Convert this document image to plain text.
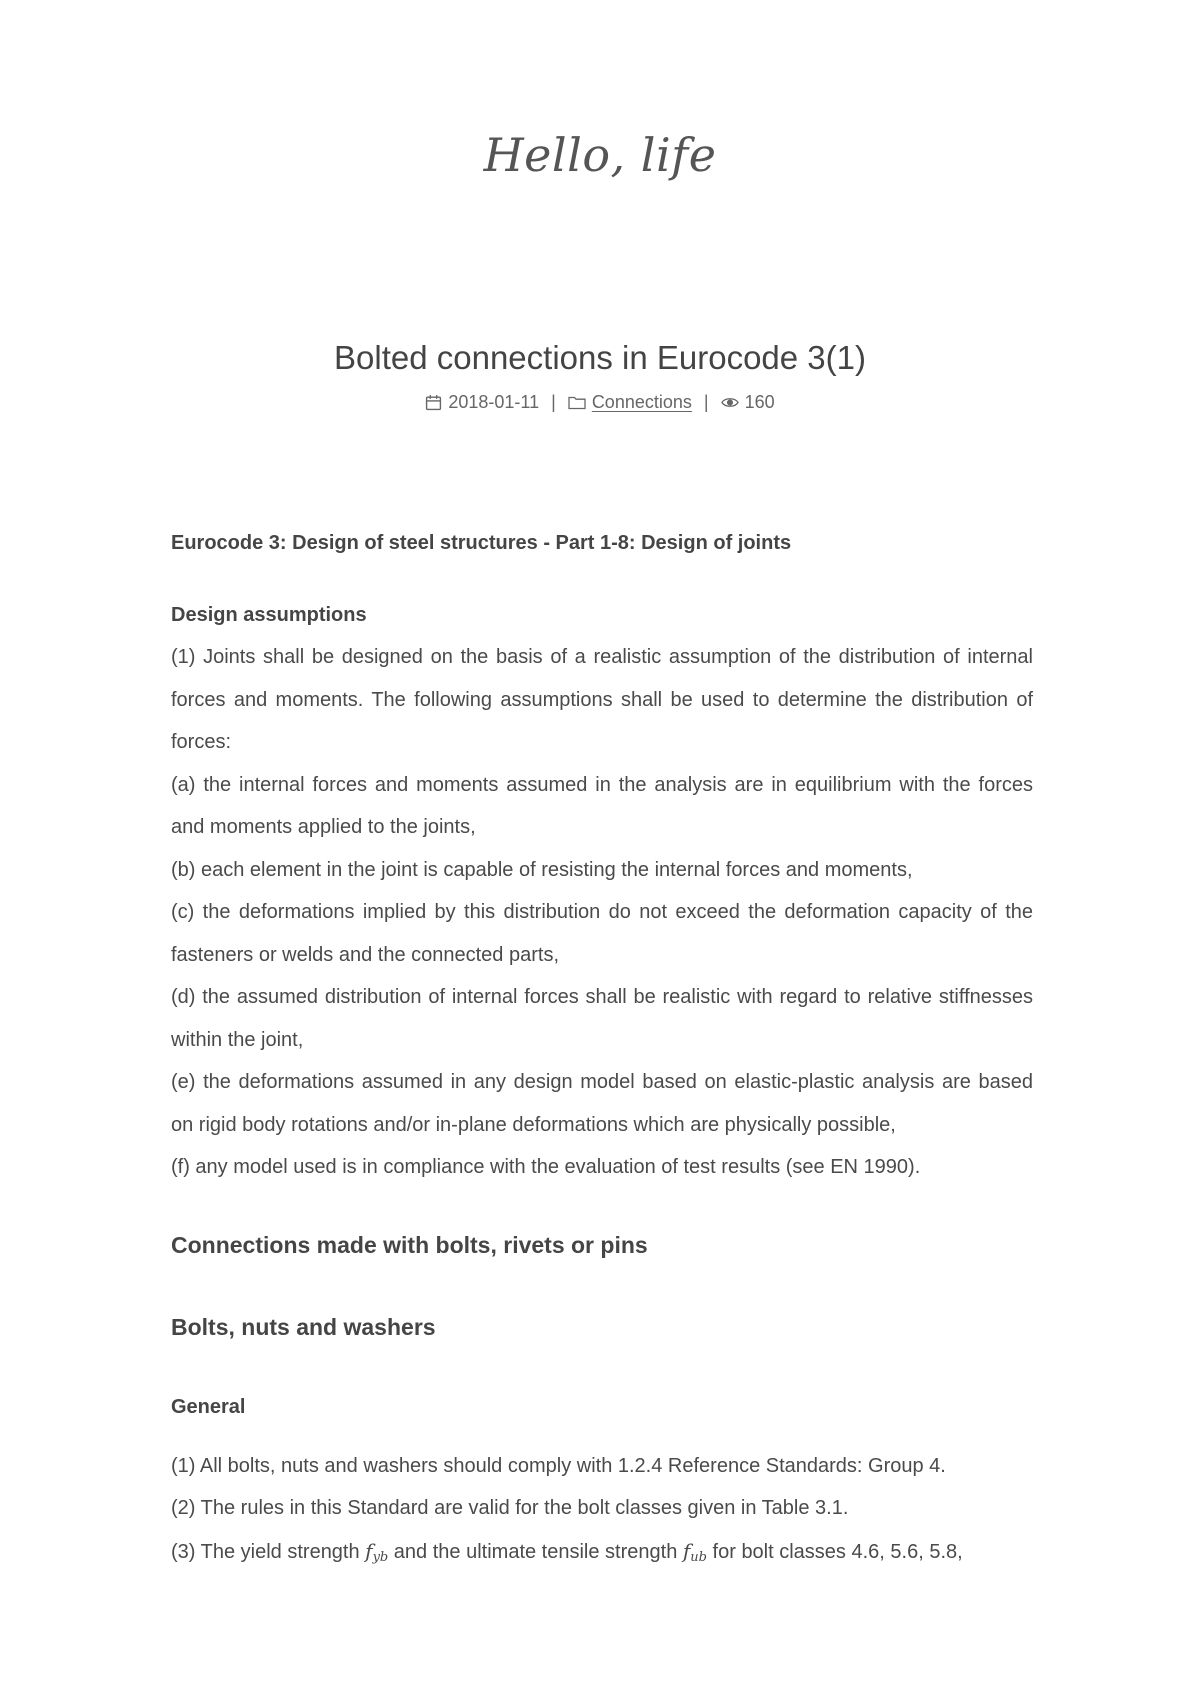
Hello, life
Bolted connections in Eurocode 3(1)
2018-01-11 | Connections | 160

Eurocode 3: Design of steel structures - Part 1-8: Design of joints

Design assumptions

(1) Joints shall be designed on the basis of a realistic assumption of the distribution of internal forces and moments. The following assumptions shall be used to determine the distribution of forces:

(a) the internal forces and moments assumed in the analysis are in equilibrium with the forces and moments applied to the joints,

(b) each element in the joint is capable of resisting the internal forces and moments,

(c) the deformations implied by this distribution do not exceed the deformation capacity of the fasteners or welds and the connected parts,

(d) the assumed distribution of internal forces shall be realistic with regard to relative stiffnesses within the joint,

(e) the deformations assumed in any design model based on elastic-plastic analysis are based on rigid body rotations and/or in-plane deformations which are physically possible,

(f) any model used is in compliance with the evaluation of test results (see EN 1990).

Connections made with bolts, rivets or pins
Bolts, nuts and washers
General

(1) All bolts, nuts and washers should comply with 1.2.4 Reference Standards: Group 4.

(2) The rules in this Standard are valid for the bolt classes given in Table 3.1.

(3) The yield strength $f_{yb}$ and the ultimate tensile strength $f_{ub}$ for bolt classes 4.6, 5.6, 5.8,
